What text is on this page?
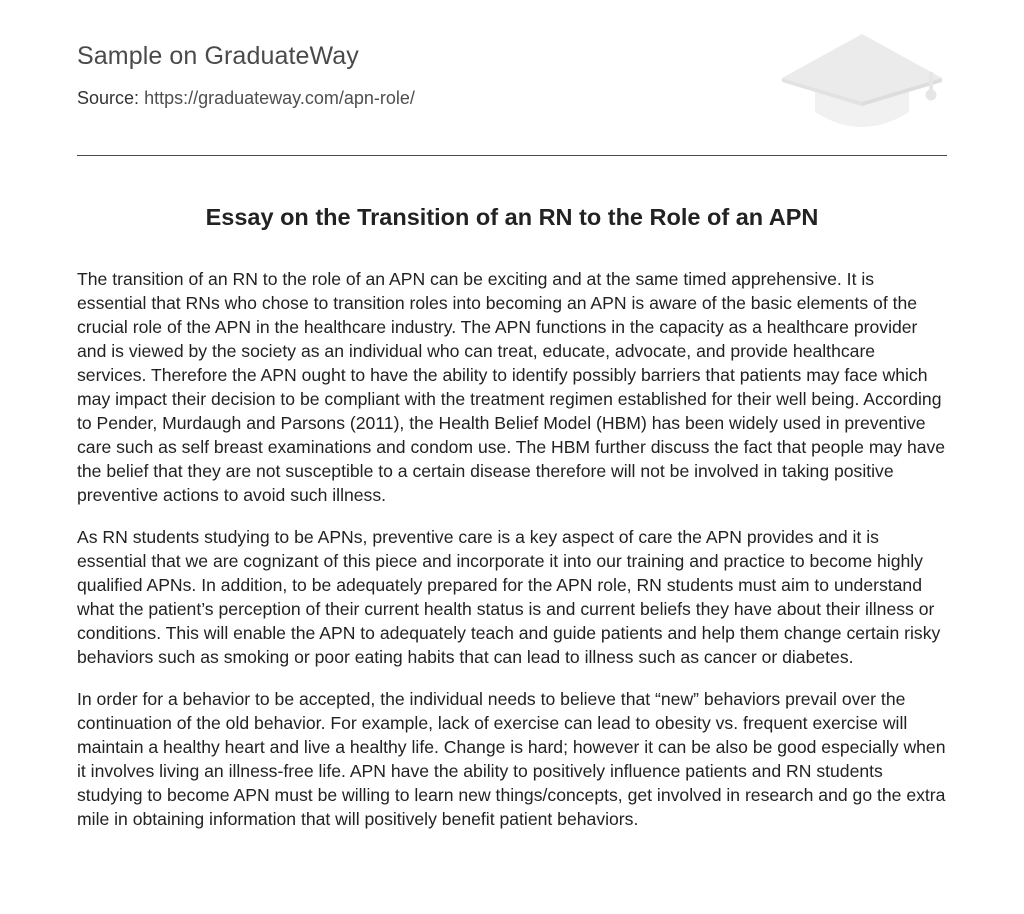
Sample on GraduateWay
Source: https://graduateway.com/apn-role/
Essay on the Transition of an RN to the Role of an APN

The transition of an RN to the role of an APN can be exciting and at the same timed apprehensive. It is essential that RNs who chose to transition roles into becoming an APN is aware of the basic elements of the crucial role of the APN in the healthcare industry. The APN functions in the capacity as a healthcare provider and is viewed by the society as an individual who can treat, educate, advocate, and provide healthcare services. Therefore the APN ought to have the ability to identify possibly barriers that patients may face which may impact their decision to be compliant with the treatment regimen established for their well being. According to Pender, Murdaugh and Parsons (2011), the Health Belief Model (HBM) has been widely used in preventive care such as self breast examinations and condom use. The HBM further discuss the fact that people may have the belief that they are not susceptible to a certain disease therefore will not be involved in taking positive preventive actions to avoid such illness.

As RN students studying to be APNs, preventive care is a key aspect of care the APN provides and it is essential that we are cognizant of this piece and incorporate it into our training and practice to become highly qualified APNs. In addition, to be adequately prepared for the APN role, RN students must aim to understand what the patient’s perception of their current health status is and current beliefs they have about their illness or conditions. This will enable the APN to adequately teach and guide patients and help them change certain risky behaviors such as smoking or poor eating habits that can lead to illness such as cancer or diabetes.

In order for a behavior to be accepted, the individual needs to believe that “new” behaviors prevail over the continuation of the old behavior. For example, lack of exercise can lead to obesity vs. frequent exercise will maintain a healthy heart and live a healthy life. Change is hard; however it can be also be good especially when it involves living an illness-free life. APN have the ability to positively influence patients and RN students studying to become APN must be willing to learn new things/concepts, get involved in research and go the extra mile in obtaining information that will positively benefit patient behaviors.
